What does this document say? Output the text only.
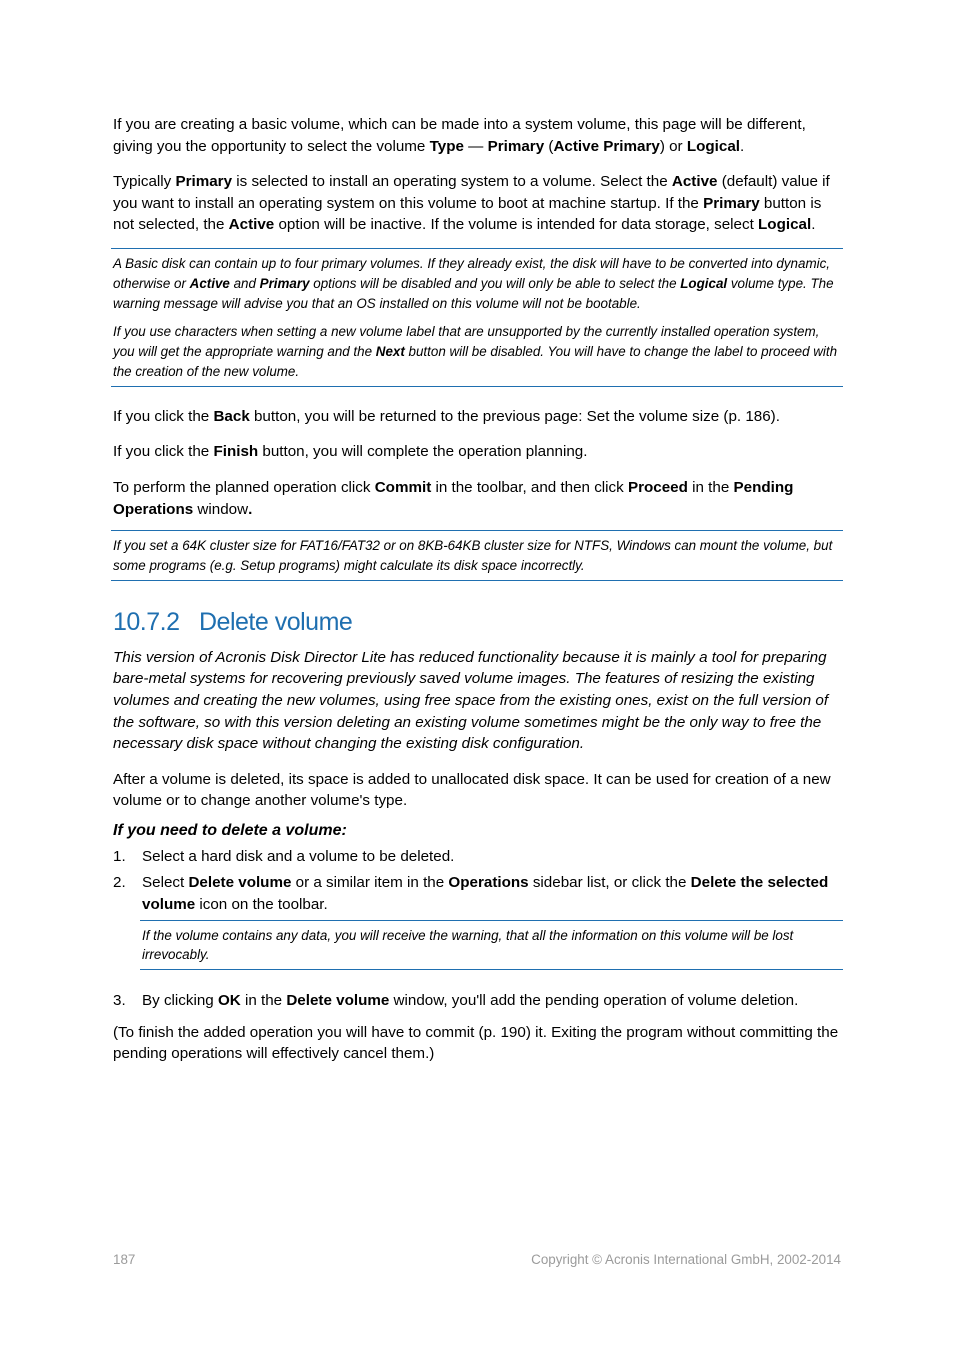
If you are creating a basic volume, which can be made into a system volume, this page will be different, giving you the opportunity to select the volume Type — Primary (Active Primary) or Logical.

Typically Primary is selected to install an operating system to a volume. Select the Active (default) value if you want to install an operating system on this volume to boot at machine startup. If the Primary button is not selected, the Active option will be inactive. If the volume is intended for data storage, select Logical.

A Basic disk can contain up to four primary volumes. If they already exist, the disk will have to be converted into dynamic, otherwise or Active and Primary options will be disabled and you will only be able to select the Logical volume type. The warning message will advise you that an OS installed on this volume will not be bootable.

If you use characters when setting a new volume label that are unsupported by the currently installed operation system, you will get the appropriate warning and the Next button will be disabled. You will have to change the label to proceed with the creation of the new volume.

If you click the Back button, you will be returned to the previous page: Set the volume size (p. 186).

If you click the Finish button, you will complete the operation planning.

To perform the planned operation click Commit in the toolbar, and then click Proceed in the Pending Operations window.

If you set a 64K cluster size for FAT16/FAT32 or on 8KB-64KB cluster size for NTFS, Windows can mount the volume, but some programs (e.g. Setup programs) might calculate its disk space incorrectly.

10.7.2 Delete volume

This version of Acronis Disk Director Lite has reduced functionality because it is mainly a tool for preparing bare-metal systems for recovering previously saved volume images. The features of resizing the existing volumes and creating the new volumes, using free space from the existing ones, exist on the full version of the software, so with this version deleting an existing volume sometimes might be the only way to free the necessary disk space without changing the existing disk configuration.

After a volume is deleted, its space is added to unallocated disk space. It can be used for creation of a new volume or to change another volume's type.

If you need to delete a volume:
1. Select a hard disk and a volume to be deleted.

2. Select Delete volume or a similar item in the Operations sidebar list, or click the Delete the selected volume icon on the toolbar.

If the volume contains any data, you will receive the warning, that all the information on this volume will be lost irrevocably.

3. By clicking OK in the Delete volume window, you'll add the pending operation of volume deletion.

(To finish the added operation you will have to commit (p. 190) it. Exiting the program without committing the pending operations will effectively cancel them.)

187	Copyright © Acronis International GmbH, 2002-2014
